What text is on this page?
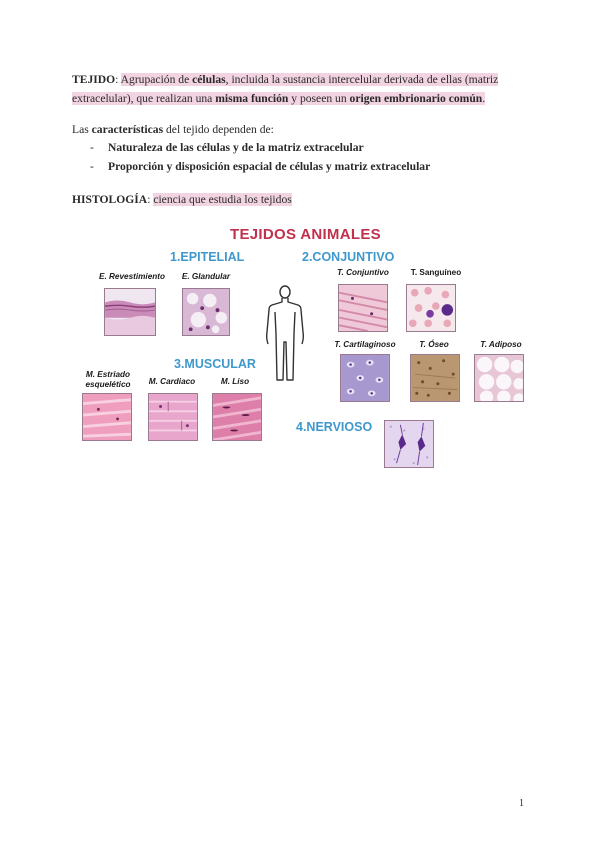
TEJIDO: Agrupación de células, incluida la sustancia intercelular derivada de ellas (matriz extracelular), que realizan una misma función y poseen un origen embrionario común.
Las características del tejido dependen de:
-	Naturaleza de las células y de la matriz extracelular
-	Proporción y disposición espacial de células y matriz extracelular
HISTOLOGÍA: ciencia que estudia los tejidos
TEJIDOS ANIMALES
1.EPITELIAL	2.CONJUNTIVO
3.MUSCULAR
4.NERVIOSO
E. Revestimiento	E. Glandular	T. Conjuntivo	T. Sanguíneo
T. Cartilaginoso	T. Óseo	T. Adiposo
M. Estriado esquelético	M. Cardiaco	M. Liso
1
